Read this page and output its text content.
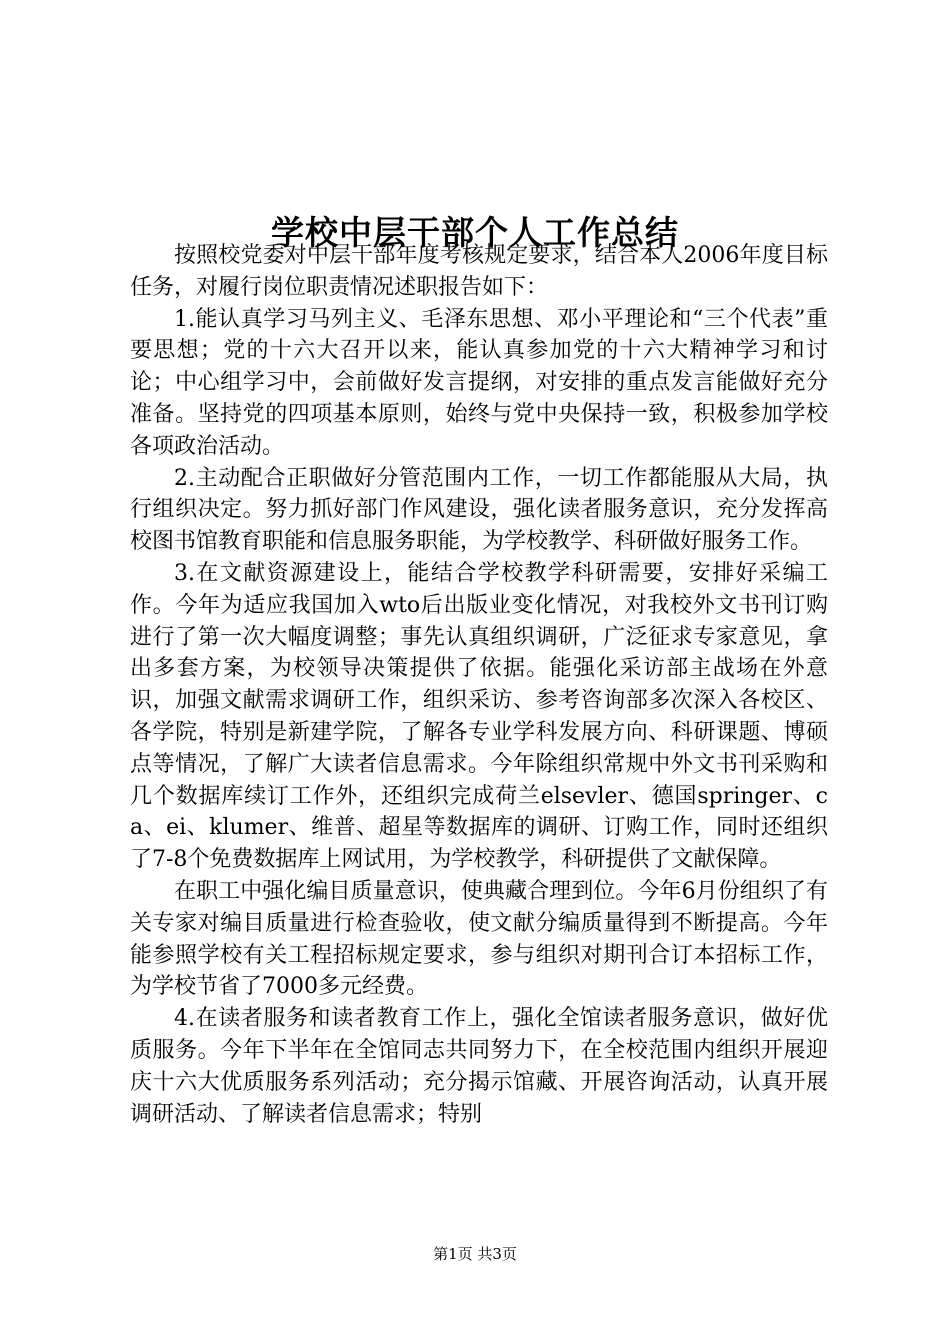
学校中层干部个人工作总结

按照校党委对中层干部年度考核规定要求，结合本人2006年度目标任务，对履行岗位职责情况述职报告如下：

1.能认真学习马列主义、毛泽东思想、邓小平理论和“三个代表”重要思想；党的十六大召开以来，能认真参加党的十六大精神学习和讨论；中心组学习中，会前做好发言提纲，对安排的重点发言能做好充分准备。坚持党的四项基本原则，始终与党中央保持一致，积极参加学校各项政治活动。

2.主动配合正职做好分管范围内工作，一切工作都能服从大局，执行组织决定。努力抓好部门作风建设，强化读者服务意识，充分发挥高校图书馆教育职能和信息服务职能，为学校教学、科研做好服务工作。

3.在文献资源建设上，能结合学校教学科研需要，安排好采编工作。今年为适应我国加入wto后出版业变化情况，对我校外文书刊订购进行了第一次大幅度调整；事先认真组织调研，广泛征求专家意见，拿出多套方案，为校领导决策提供了依据。能强化采访部主战场在外意识，加强文献需求调研工作，组织采访、参考咨询部多次深入各校区、各学院，特别是新建学院，了解各专业学科发展方向、科研课题、博硕点等情况，了解广大读者信息需求。今年除组织常规中外文书刊采购和几个数据库续订工作外，还组织完成荷兰elsevler、德国springer、ca、ei、klumer、维普、超星等数据库的调研、订购工作，同时还组织了7-8个免费数据库上网试用，为学校教学，科研提供了文献保障。

在职工中强化编目质量意识，使典藏合理到位。今年6月份组织了有关专家对编目质量进行检查验收，使文献分编质量得到不断提高。今年能参照学校有关工程招标规定要求，参与组织对期刊合订本招标工作，为学校节省了7000多元经费。

4.在读者服务和读者教育工作上，强化全馆读者服务意识，做好优质服务。今年下半年在全馆同志共同努力下，在全校范围内组织开展迎庆十六大优质服务系列活动；充分揭示馆藏、开展咨询活动，认真开展调研活动、了解读者信息需求；特别

第1页 共3页
